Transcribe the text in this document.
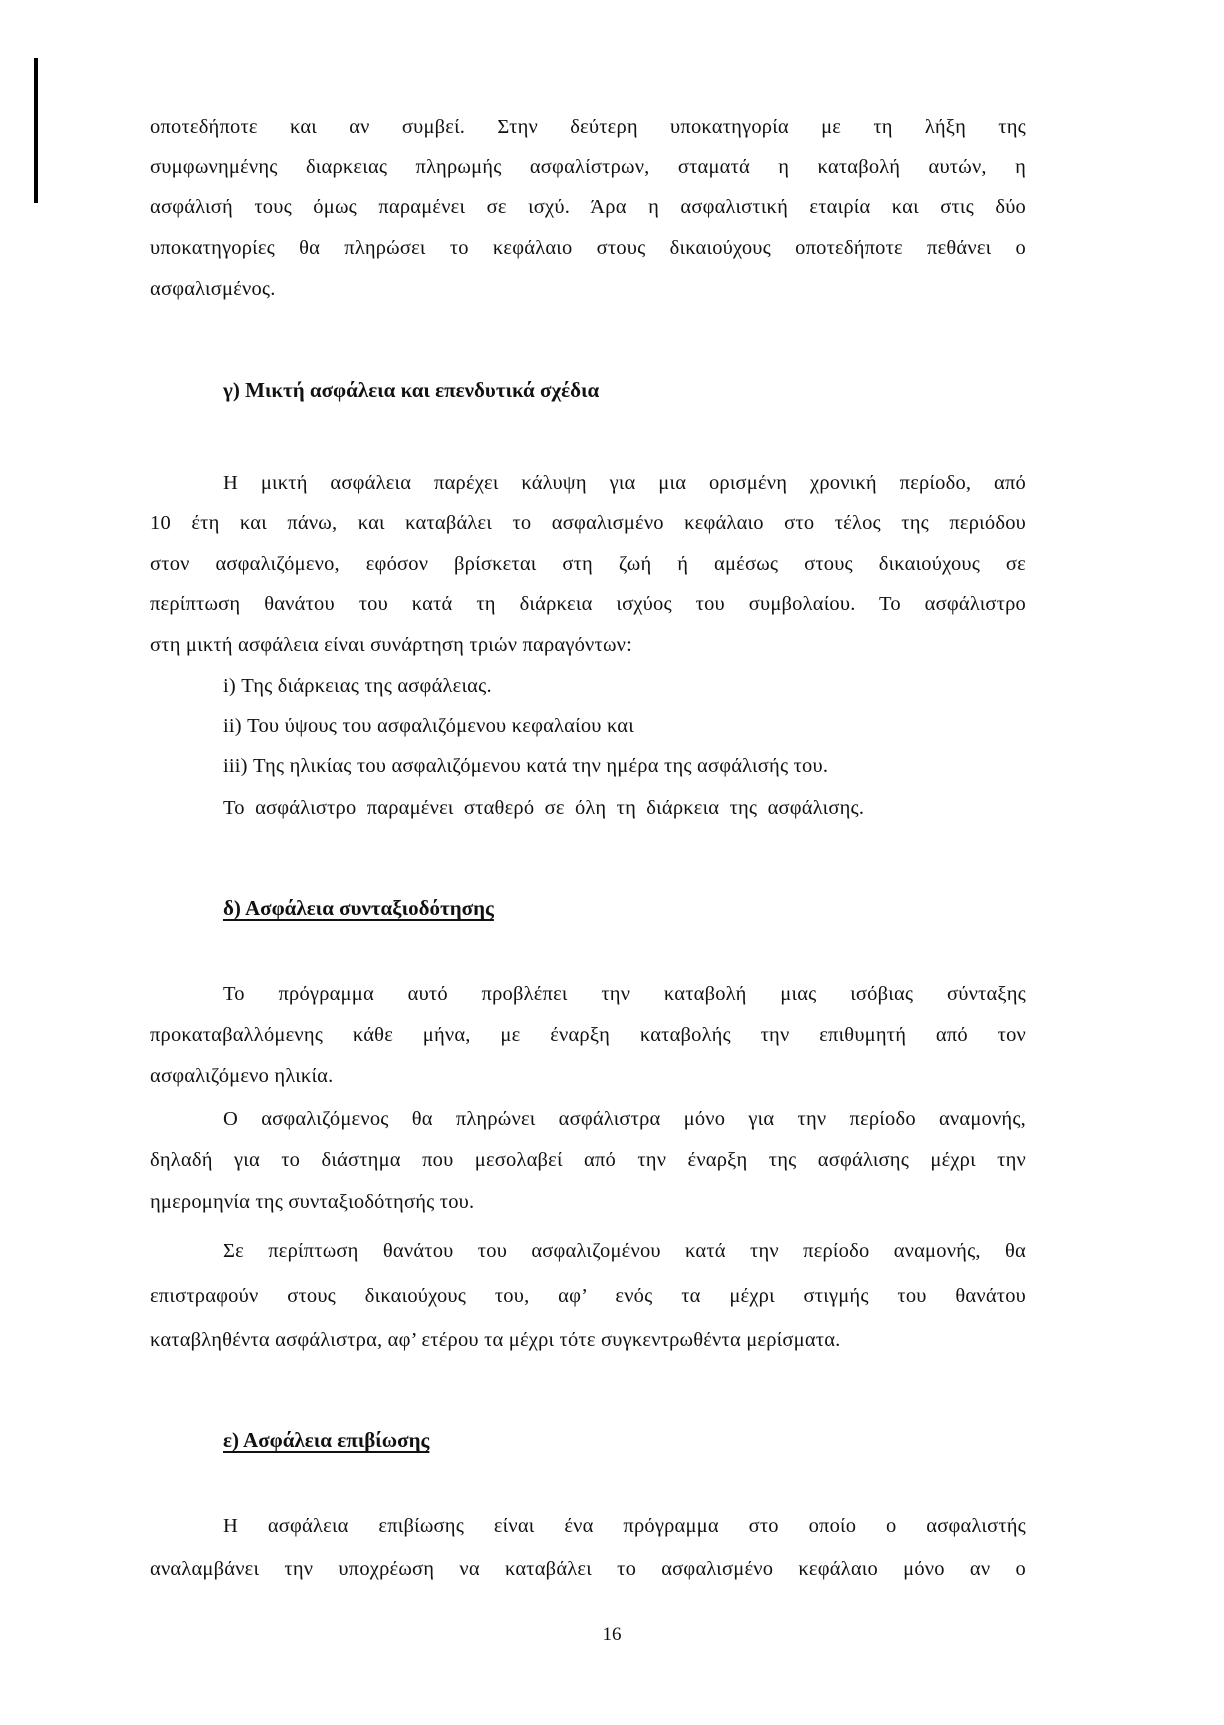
οποτεδήποτε και αν συμβεί. Στην δεύτερη υποκατηγορία με τη λήξη της
συμφωνημένης διαρκειας πληρωμής ασφαλίστρων, σταματά η καταβολή αυτών, η
ασφάλισή τους όμως παραμένει σε ισχύ. Άρα η ασφαλιστική εταιρία και στις δύο
υποκατηγορίες θα πληρώσει το κεφάλαιο στους δικαιούχους οποτεδήποτε πεθάνει ο
ασφαλισμένος.
γ) Μικτή ασφάλεια και επενδυτικά σχέδια
Η μικτή ασφάλεια παρέχει κάλυψη για μια ορισμένη χρονική περίοδο, από
10 έτη και πάνω, και καταβάλει το ασφαλισμένο κεφάλαιο στο τέλος της περιόδου
στον ασφαλιζόμενο, εφόσον βρίσκεται στη ζωή ή αμέσως στους δικαιούχους σε
περίπτωση θανάτου του κατά τη διάρκεια ισχύος του συμβολαίου. Το ασφάλιστρο
στη μικτή ασφάλεια είναι συνάρτηση τριών παραγόντων:
i) Της διάρκειας της ασφάλειας.
ii) Του ύψους του ασφαλιζόμενου κεφαλαίου και
iii) Της ηλικίας του ασφαλιζόμενου κατά την ημέρα της ασφάλισής του.
Το ασφάλιστρο παραμένει σταθερό σε όλη τη διάρκεια της ασφάλισης.
δ) Ασφάλεια συνταξιοδότησης
Το πρόγραμμα αυτό προβλέπει την καταβολή μιας ισόβιας σύνταξης
προκαταβαλλόμενης κάθε μήνα, με έναρξη καταβολής την επιθυμητή από τον
ασφαλιζόμενο ηλικία.
Ο ασφαλιζόμενος θα πληρώνει ασφάλιστρα μόνο για την περίοδο αναμονής,
δηλαδή για το διάστημα που μεσολαβεί από την έναρξη της ασφάλισης μέχρι την
ημερομηνία της συνταξιοδότησής του.
Σε περίπτωση θανάτου του ασφαλιζομένου κατά την περίοδο αναμονής, θα
επιστραφούν στους δικαιούχους του, αφ’ ενός τα μέχρι στιγμής του θανάτου
καταβληθέντα ασφάλιστρα, αφ’ ετέρου τα μέχρι τότε συγκεντρωθέντα μερίσματα.
ε) Ασφάλεια επιβίωσης
Η ασφάλεια επιβίωσης είναι ένα πρόγραμμα στο οποίο ο ασφαλιστής
αναλαμβάνει την υποχρέωση να καταβάλει το ασφαλισμένο κεφάλαιο μόνο αν ο
16
